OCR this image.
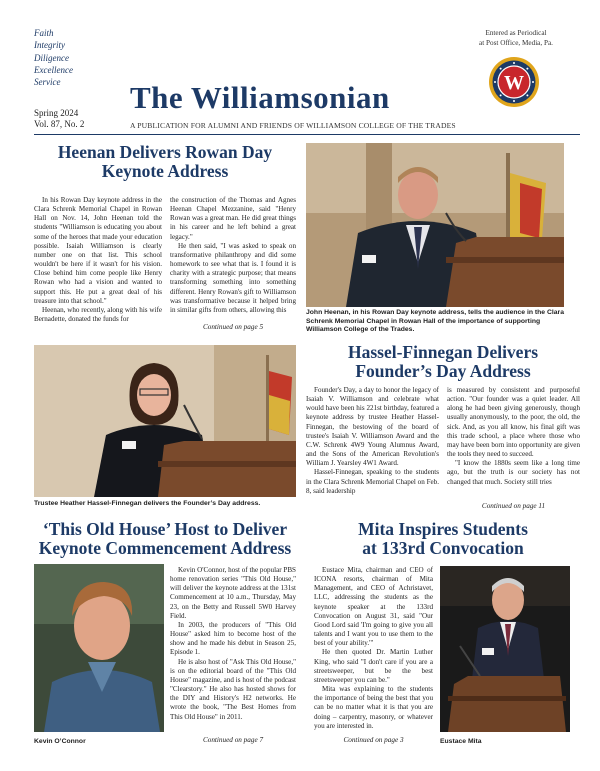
Faith
Integrity
Diligence
Excellence
Service
Entered as Periodical
at Post Office, Media, Pa.
W
Spring 2024
Vol. 87, No. 2
The Williamsonian
A PUBLICATION FOR ALUMNI AND FRIENDS OF WILLIAMSON COLLEGE OF THE TRADES
Heenan Delivers Rowan Day
Keynote Address

In his Rowan Day keynote address in the Clara Schrenk Memorial Chapel in Rowan Hall on Nov. 14, John Heenan told the students "Williamson is educating you about some of the heroes that made your education possible. Isaiah Williamson is clearly number one on that list. This school wouldn't be here if it wasn't for his vision. Close behind him come people like Henry Rowan who had a vision and wanted to support this. He put a great deal of his treasure into that school."

Heenan, who recently, along with his wife Bernadette, donated the funds for

the construction of the Thomas and Agnes Heenan Chapel Mezzanine, said "Henry Rowan was a great man. He did great things in his career and he left behind a great legacy."

He then said, "I was asked to speak on transformative philanthropy and did some homework to see what that is. I found it is charity with a strategic purpose; that means transforming something into something different. Henry Rowan's gift to Williamson was transformative because it helped bring in similar gifts from others, allowing this

Continued on page 5
John Heenan, in his Rowan Day keynote address, tells the audience in the Clara Schrenk Memorial Chapel in Rowan Hall of the importance of supporting Williamson College of the Trades.
Trustee Heather Hassel-Finnegan delivers the Founder’s Day address.
Hassel-Finnegan Delivers
Founder’s Day Address

Founder's Day, a day to honor the legacy of Isaiah V. Williamson and celebrate what would have been his 221st birthday, featured a keynote address by trustee Heather Hassel-Finnegan, the bestowing of the board of trustee's Isaiah V. Williamson Award and the C.W. Schrenk 4W9 Young Alumnus Award, and the Sons of the American Revolution's William J. Yearsley 4W1 Award.

Hassel-Finnegan, speaking to the students in the Clara Schrenk Memorial Chapel on Feb. 8, said leadership

is measured by consistent and purposeful action. "Our founder was a quiet leader. All along he had been giving generously, though usually anonymously, to the poor, the old, the sick. And, as you all know, his final gift was this trade school, a place where those who may have been born into opportunity are given the tools they need to succeed.

"I know the 1880s seem like a long time ago, but the truth is our society has not changed that much. Society still tries

Continued on page 11
‘This Old House’ Host to Deliver
Keynote Commencement Address
Kevin O’Connor

Kevin O'Connor, host of the popular PBS home renovation series "This Old House," will deliver the keynote address at the 131st Commencement at 10 a.m., Thursday, May 23, on the Betty and Russell 5W0 Harvey Field.

In 2003, the producers of "This Old House" asked him to become host of the show and he made his debut in Season 25, Episode 1.

He is also host of "Ask This Old House," is on the editorial board of the "This Old House" magazine, and is host of the podcast "Clearstory." He also has hosted shows for the DIY and History's H2 networks. He wrote the book, "The Best Homes from This Old House" in 2011.

Continued on page 7
Mita Inspires Students
at 133rd Convocation

Eustace Mita, chairman and CEO of ICONA resorts, chairman of Mita Management, and CEO of Achristavet, LLC, addressing the students as the keynote speaker at the 133rd Convocation on August 31, said "Our Good Lord said 'I'm going to give you all talents and I want you to use them to the best of your ability.'"

He then quoted Dr. Martin Luther King, who said "I don't care if you are a streetsweeper, but be the best streetsweeper you can be."

Mita was explaining to the students the importance of being the best that you can be no matter what it is that you are doing – carpentry, masonry, or whatever you are interested in.

Continued on page 3	Eustace Mita
